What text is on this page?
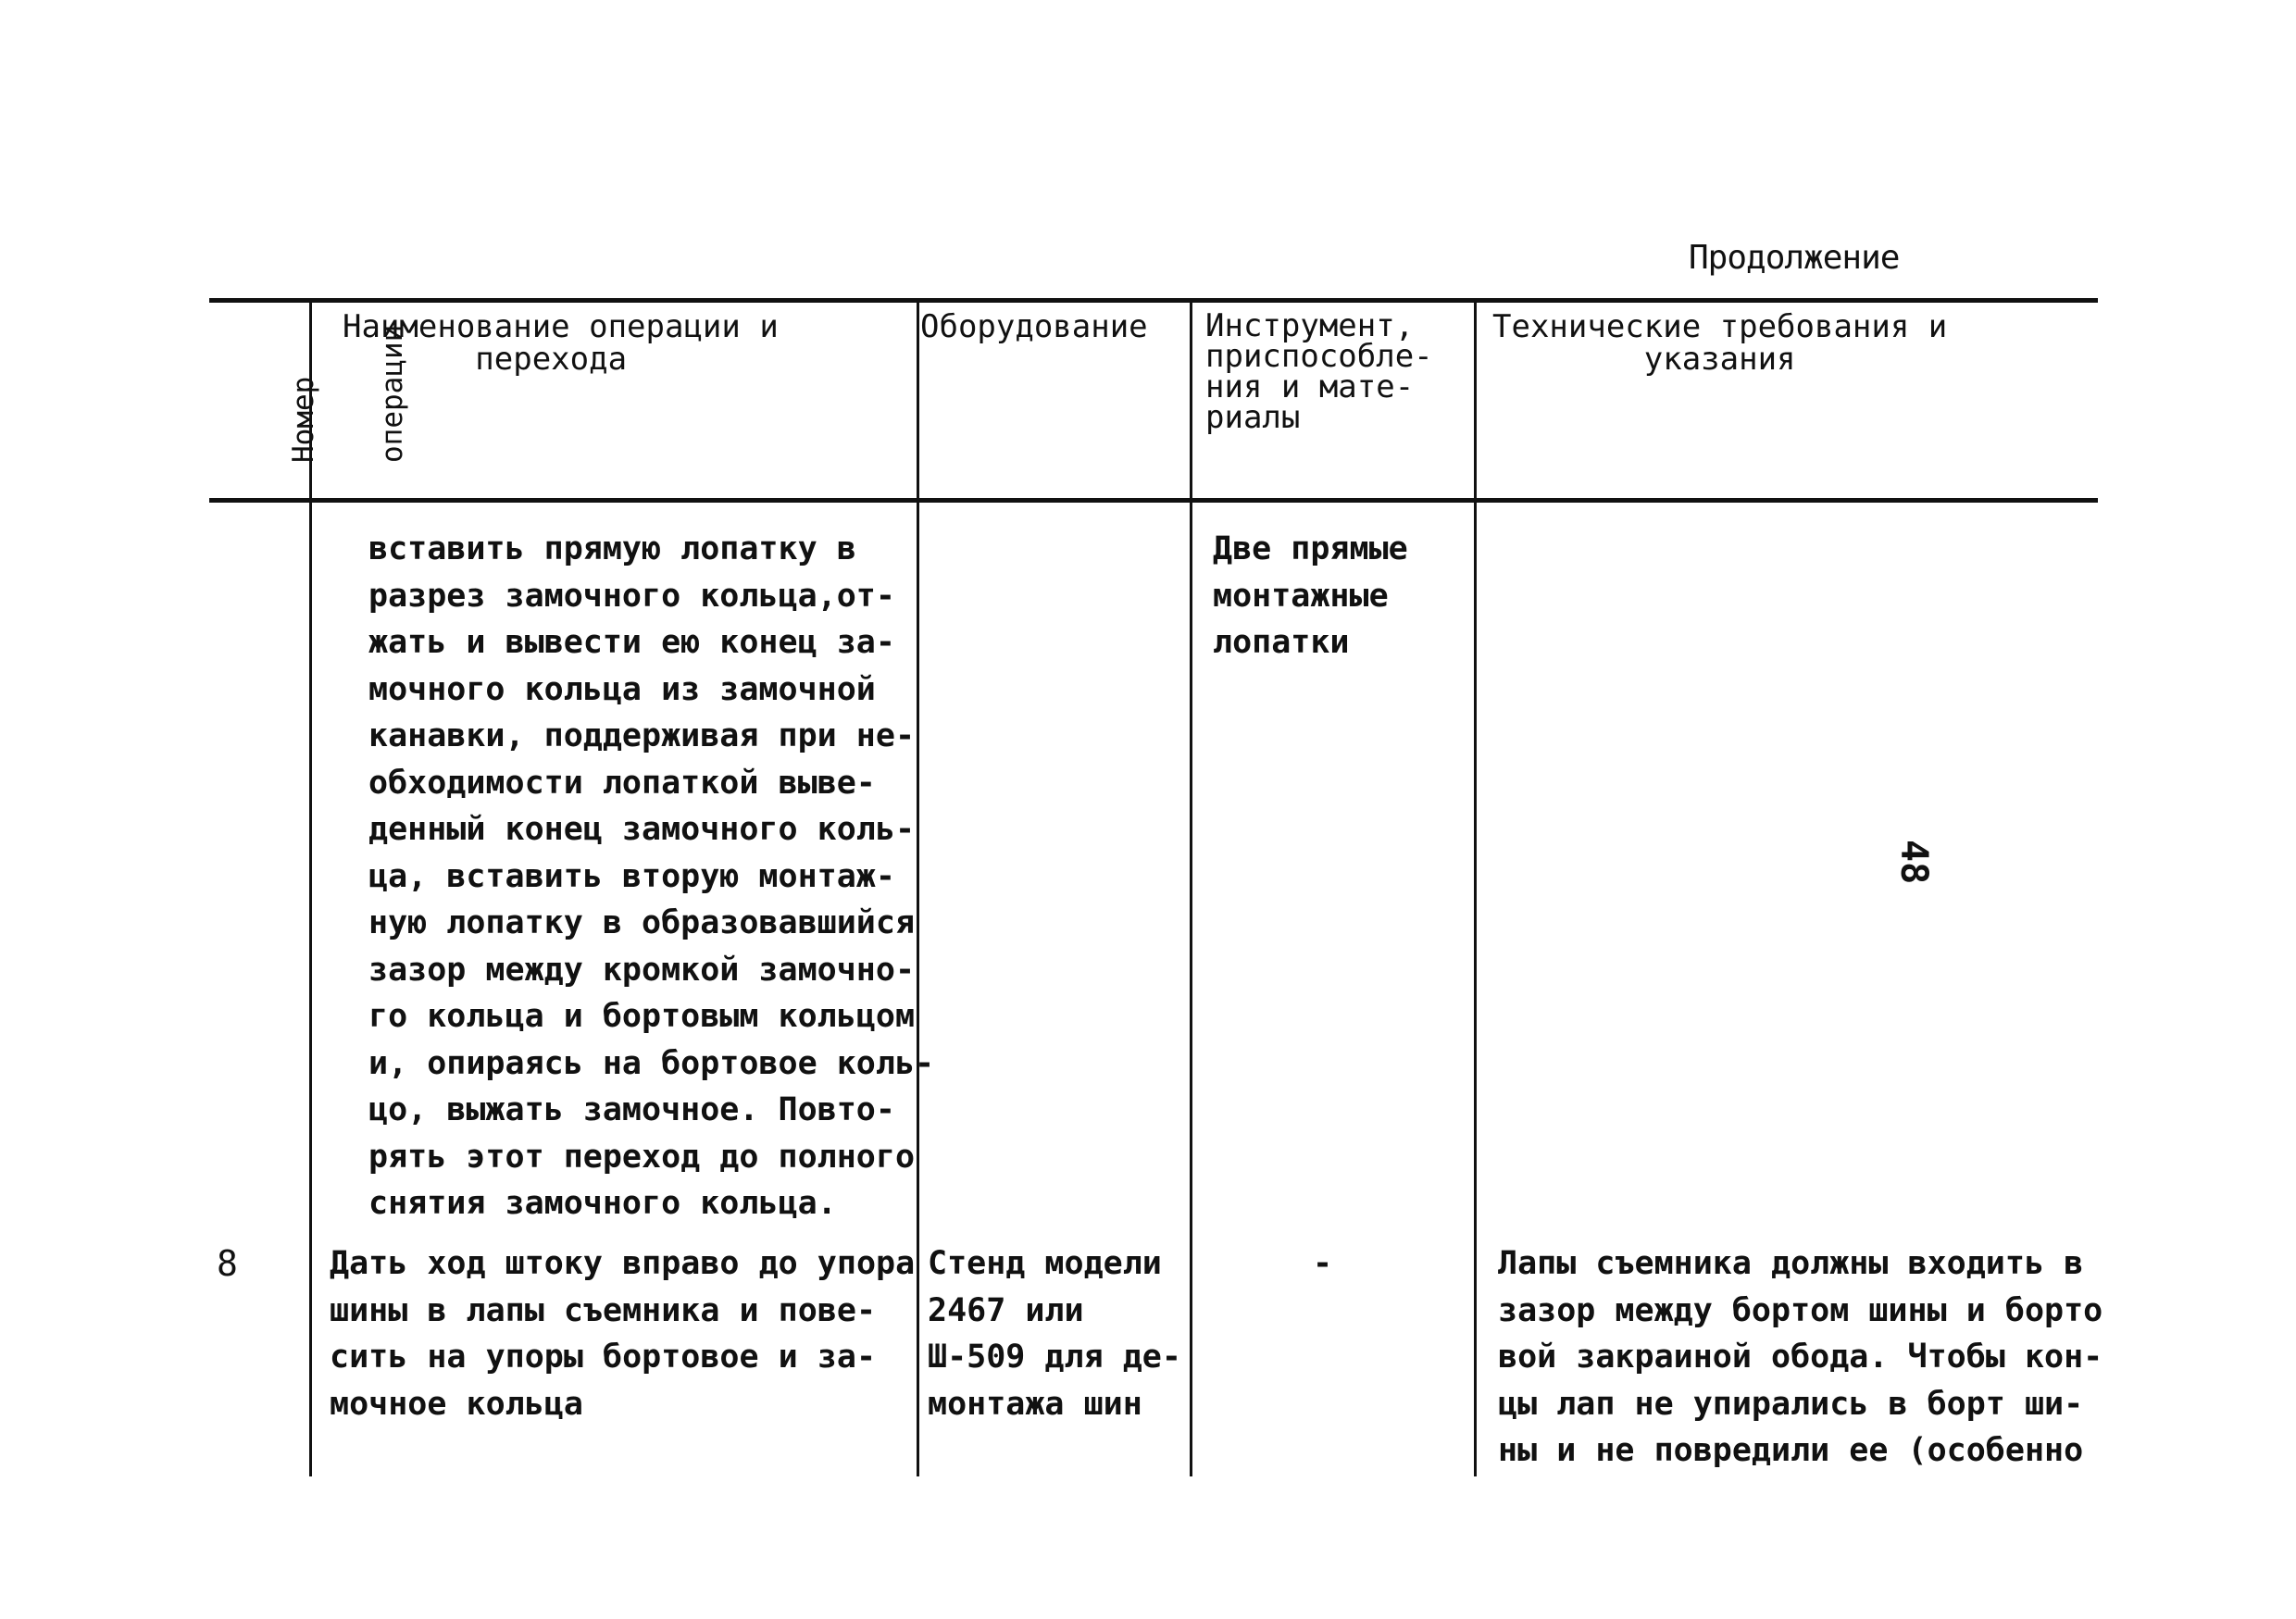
Продолжение

Номер

операции

Наименование операции и
перехода
Оборудование Инструмент,
приспособле-
ния и мате-
риалы
Технические требования и
указания
вставить прямую лопатку в
разрез замочного кольца,от-
жать и вывести ею конец за-
мочного кольца из замочной
канавки, поддерживая при не-
обходимости лопаткой выве-
денный конец замочного коль-
ца, вставить вторую монтаж-
ную лопатку в образовавшийся
зазор между кромкой замочно-
го кольца и бортовым кольцом
и, опираясь на бортовое коль-
цо, выжать замочное. Повто-
рять этот переход до полного
снятия замочного кольца.
Две прямые
монтажные
лопатки
8	Дать ход штоку вправо до упора
шины в лапы съемника и пове-
сить на упоры бортовое и за-
мочное кольца
Стенд модели
2467 или
Ш-509 для де-
монтажа шин
-	Лапы съемника должны входить в
зазор между бортом шины и борто
вой закраиной обода. Чтобы кон-
цы лап не упирались в борт ши-
ны и не повредили ее (особенно
48
